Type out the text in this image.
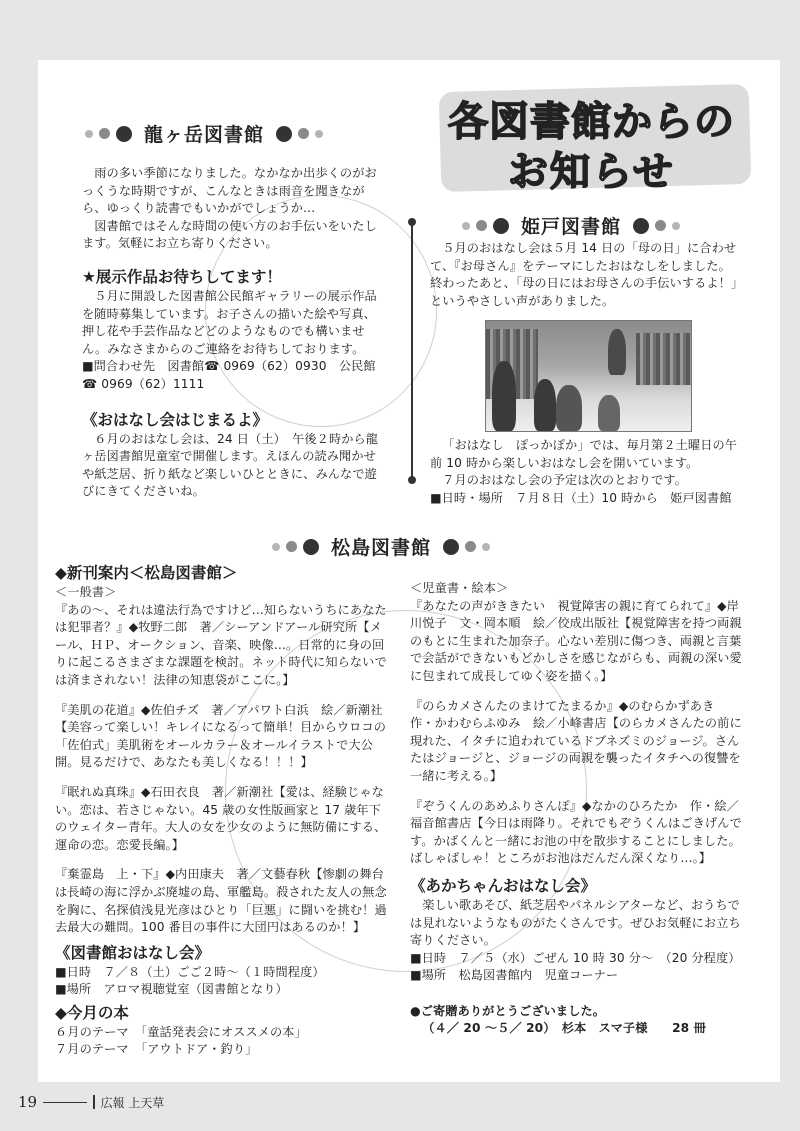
龍ヶ岳図書館

雨の多い季節になりました。なかなか出歩くのがおっくうな時期ですが、こんなときは雨音を聞きながら、ゆっくり読書でもいかがでしょうか…

図書館ではそんな時間の使い方のお手伝いをいたします。気軽にお立ち寄りください。

★展示作品お待ちしてます！

５月に開設した図書館公民館ギャラリーの展示作品を随時募集しています。お子さんの描いた絵や写真、押し花や手芸作品などどのようなものでも構いません。みなさまからのご連絡をお待ちしております。

■問合わせ先　図書館☎ 0969（62）0930　公民館

☎ 0969（62）1111

《おはなし会はじまるよ》

６月のおはなし会は、24 日（土）　午後２時から龍ヶ岳図書館児童室で開催します。えほんの読み聞かせや紙芝居、折り紙など楽しいひとときに、みんなで遊びにきてくださいね。

各図書館からの
お知らせ
姫戸図書館

５月のおはなし会は５月 14 日の「母の日」に合わせて、『お母さん』をテーマにしたおはなしをしました。終わったあと、「母の日にはお母さんの手伝いするよ！」というやさしい声がありました。

「おはなし　ぽっかぽか」では、毎月第２土曜日の午前 10 時から楽しいおはなし会を開いています。

７月のおはなし会の予定は次のとおりです。

■日時・場所　７月８日（土）10 時から　姫戸図書館

松島図書館

◆新刊案内＜松島図書館＞

＜一般書＞

『あの～、それは違法行為ですけど…知らないうちにあなたは犯罪者？』◆牧野二郎　著／シーアンドアール研究所【メール、ＨＰ、オークション、音楽、映像…。日常的に身の回りに起こるさまざまな課題を検討。ネット時代に知らないでは済まされない！法律の知恵袋がここに。】

『美肌の花道』◆佐伯チズ　著／アパワト白浜　絵／新潮社【美容って楽しい！キレイになるって簡単！目からウロコの「佐伯式」美肌術をオールカラー＆オールイラストで大公開。見るだけで、あなたも美しくなる！！！】

『眠れぬ真珠』◆石田衣良　著／新潮社【愛は、経験じゃない。恋は、若さじゃない。45 歳の女性版画家と 17 歳年下のウェイター青年。大人の女を少女のように無防備にする、運命の恋。恋愛長編。】

『棄霊島　上・下』◆内田康夫　著／文藝春秋【惨劇の舞台は長崎の海に浮かぶ廃墟の島、軍艦島。殺された友人の無念を胸に、名探偵浅見光彦はひとり「巨悪」に闘いを挑む！過去最大の難問。100 番目の事件に大団円はあるのか！】

《図書館おはなし会》

■日時　７／８（土）ごご２時～（１時間程度）

■場所　アロマ視聴覚室（図書館となり）

◆今月の本

６月のテーマ　「童話発表会にオススメの本」

７月のテーマ　「アウトドア・釣り」

＜児童書・絵本＞

『あなたの声がききたい　視覚障害の親に育てられて』◆岸川悦子　文・岡本順　絵／佼成出版社【視覚障害を持つ両親のもとに生まれた加奈子。心ない差別に傷つき、両親と言葉で会話ができないもどかしさを感じながらも、両親の深い愛に包まれて成長してゆく姿を描く。】

『のらカメさんたのまけてたまるか』◆のむらかずあき　作・かわむらふゆみ　絵／小峰書店【のらカメさんたの前に現れた、イタチに追われているドブネズミのジョージ。さんたはジョージと、ジョージの両親を襲ったイタチへの復讐を一緒に考える。】

『ぞうくんのあめふりさんぽ』◆なかのひろたか　作・絵／福音館書店【今日は雨降り。それでもぞうくんはごきげんです。かばくんと一緒にお池の中を散歩することにしました。ばしゃばしゃ！ところがお池はだんだん深くなり…。】

《あかちゃんおはなし会》

楽しい歌あそび、紙芝居やパネルシアターなど、おうちでは見れないようなものがたくさんです。ぜひお気軽にお立ち寄りください。

■日時　７／５（水）ごぜん 10 時 30 分～　（20 分程度）

■場所　松島図書館内　児童コーナー

●ご寄贈ありがとうございました。

（４／ 20 ～５／ 20）　杉本　スマ子様　　28 冊

19	広報 上天草
